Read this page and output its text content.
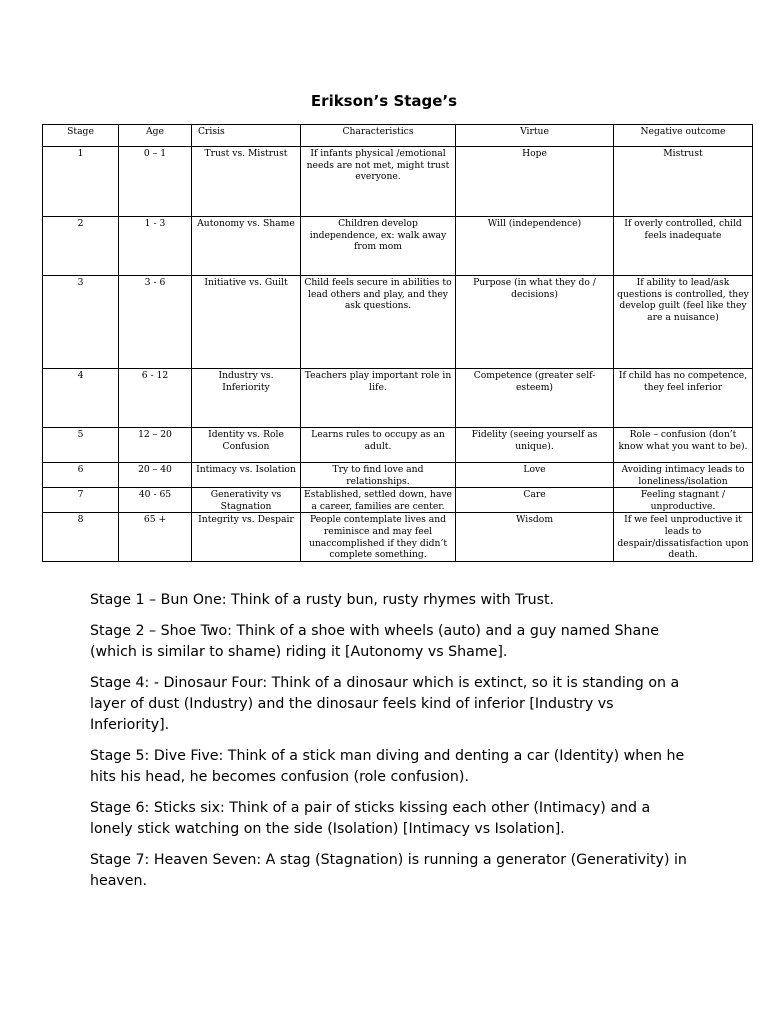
Erikson’s Stage’s
Stage	Age	Crisis	Characteristics	Virtue	Negative outcome
1	0 – 1	Trust vs. Mistrust	If infants physical /emotional needs are not met, might trust everyone.	Hope	Mistrust
2	1 - 3	Autonomy vs. Shame	Children develop independence, ex: walk away from mom	Will (independence)	If overly controlled, child feels inadequate
3	3 - 6	Initiative vs. Guilt	Child feels secure in abilities to lead others and play, and they ask questions.	Purpose (in what they do / decisions)	If ability to lead/ask questions is controlled, they develop guilt (feel like they are a nuisance)
4	6 - 12	Industry vs. Inferiority	Teachers play important role in life.	Competence (greater self-esteem)	If child has no competence, they feel inferior
5	12 – 20	Identity vs. Role Confusion	Learns rules to occupy as an adult.	Fidelity (seeing yourself as unique).	Role – confusion (don’t know what you want to be).
6	20 – 40	Intimacy vs. Isolation	Try to find love and relationships.	Love	Avoiding intimacy leads to loneliness/isolation
7	40 - 65	Generativity vs Stagnation	Established, settled down, have a career, families are center.	Care	Feeling stagnant / unproductive.
8	65 +	Integrity vs. Despair	People contemplate lives and reminisce and may feel unaccomplished if they didn’t complete something.	Wisdom	If we feel unproductive it leads to despair/dissatisfaction upon death.

Stage 1 – Bun One: Think of a rusty bun, rusty rhymes with Trust.

Stage 2 – Shoe Two: Think of a shoe with wheels (auto) and a guy named Shane (which is similar to shame) riding it [Autonomy vs Shame].

Stage 4: - Dinosaur Four: Think of a dinosaur which is extinct, so it is standing on a layer of dust (Industry) and the dinosaur feels kind of inferior [Industry vs Inferiority].

Stage 5: Dive Five: Think of a stick man diving and denting a car (Identity) when he hits his head, he becomes confusion (role confusion).

Stage 6: Sticks six: Think of a pair of sticks kissing each other (Intimacy) and a lonely stick watching on the side (Isolation) [Intimacy vs Isolation].

Stage 7: Heaven Seven: A stag (Stagnation) is running a generator (Generativity) in heaven.
